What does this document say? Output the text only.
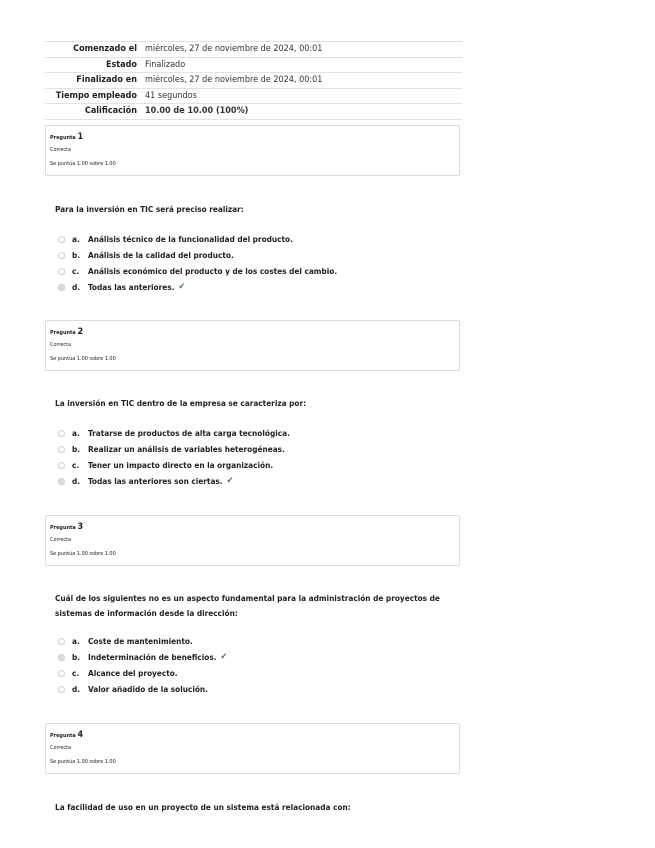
Comenzado el miércoles, 27 de noviembre de 2024, 00:01
Estado Finalizado
Finalizado en miércoles, 27 de noviembre de 2024, 00:01
Tiempo empleado 41 segundos
Calificación 10.00 de 10.00 (100%)
Pregunta 1
Correcta
Se puntúa 1.00 sobre 1.00
Para la inversión en TIC será preciso realizar:
a.	Análisis técnico de la funcionalidad del producto.
b. Análisis de la calidad del producto.
c.	Análisis económico del producto y de los costes del cambio.
d. Todas las anteriores. ✔
Pregunta 2
Correcta
Se puntúa 1.00 sobre 1.00
La inversión en TIC dentro de la empresa se caracteriza por:
a.	Tratarse de productos de alta carga tecnológica.
b. Realizar un análisis de variables heterogéneas.
c.	Tener un impacto directo en la organización.
d. Todas las anteriores son ciertas. ✔
Pregunta 3
Correcta
Se puntúa 1.00 sobre 1.00
Cuál de los siguientes no es un aspecto fundamental para la administración de proyectos de sistemas de información desde la dirección:
a.	Coste de mantenimiento.
b. Indeterminación de beneficios. ✔
c.	Alcance del proyecto.
d. Valor añadido de la solución.
Pregunta 4
Correcta
Se puntúa 1.00 sobre 1.00
La facilidad de uso en un proyecto de un sistema está relacionada con:
